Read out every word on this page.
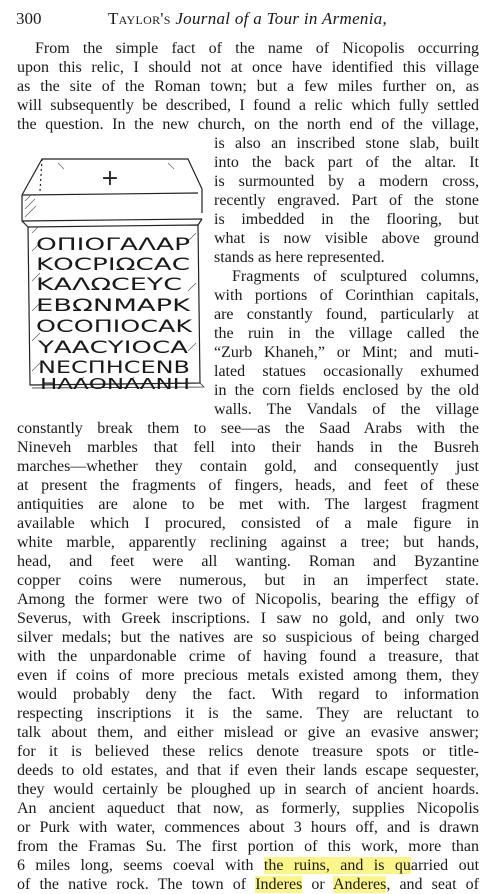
300	Taylor's Journal of a Tour in Armenia,
From the simple fact of the name of Nicopolis occurring
upon this relic, I should not at once have identified this village
as the site of the Roman town; but a few miles further on, as
will subsequently be described, I found a relic which fully settled
the question. In the new church, on the north end of the village,
is also an inscribed stone slab, built
into the back part of the altar. It
is surmounted by a modern cross,
recently engraved. Part of the stone
is imbedded in the flooring, but
what is now visible above ground
stands as here represented.
Fragments of sculptured columns,
with portions of Corinthian capitals,
are constantly found, particularly at
the ruin in the village called the
“Zurb Khaneh,” or Mint; and muti-
lated statues occasionally exhumed
in the corn fields enclosed by the old
walls. The Vandals of the village
constantly break them to see—as the Saad Arabs with the
Nineveh marbles that fell into their hands in the Busreh
marches—whether they contain gold, and consequently just
at present the fragments of fingers, heads, and feet of these
antiquities are alone to be met with. The largest fragment
available which I procured, consisted of a male figure in
white marble, apparently reclining against a tree; but hands,
head, and feet were all wanting. Roman and Byzantine
copper coins were numerous, but in an imperfect state.
Among the former were two of Nicopolis, bearing the effigy of
Severus, with Greek inscriptions. I saw no gold, and only two
silver medals; but the natives are so suspicious of being charged
with the unpardonable crime of having found a treasure, that
even if coins of more precious metals existed among them, they
would probably deny the fact. With regard to information
respecting inscriptions it is the same. They are reluctant to
talk about them, and either mislead or give an evasive answer;
for it is believed these relics denote treasure spots or title-
deeds to old estates, and that if even their lands escape sequester,
they would certainly be ploughed up in search of ancient hoards.
An ancient aqueduct that now, as formerly, supplies Nicopolis
or Purk with water, commences about 3 hours off, and is drawn
from the Framas Su. The first portion of this work, more than
6 miles long, seems coeval with the ruins, and is quarried out
of the native rock. The town of Inderes or Anderes, and seat of
+
ΟΠΙΟΓΑΛΑΡ
ΚΟCΡΙΩCΑC
ΚΑΛΩCΕΥC
ΕΒΩΝΜΑΡΚ
ΟCΟΠΙΟCΑΚ
ΥΑΑCΥΙΟCΑ
ΝΕCΠΗCΕΝΒ
ΗΛΛΟΝΛΛΝΗ
